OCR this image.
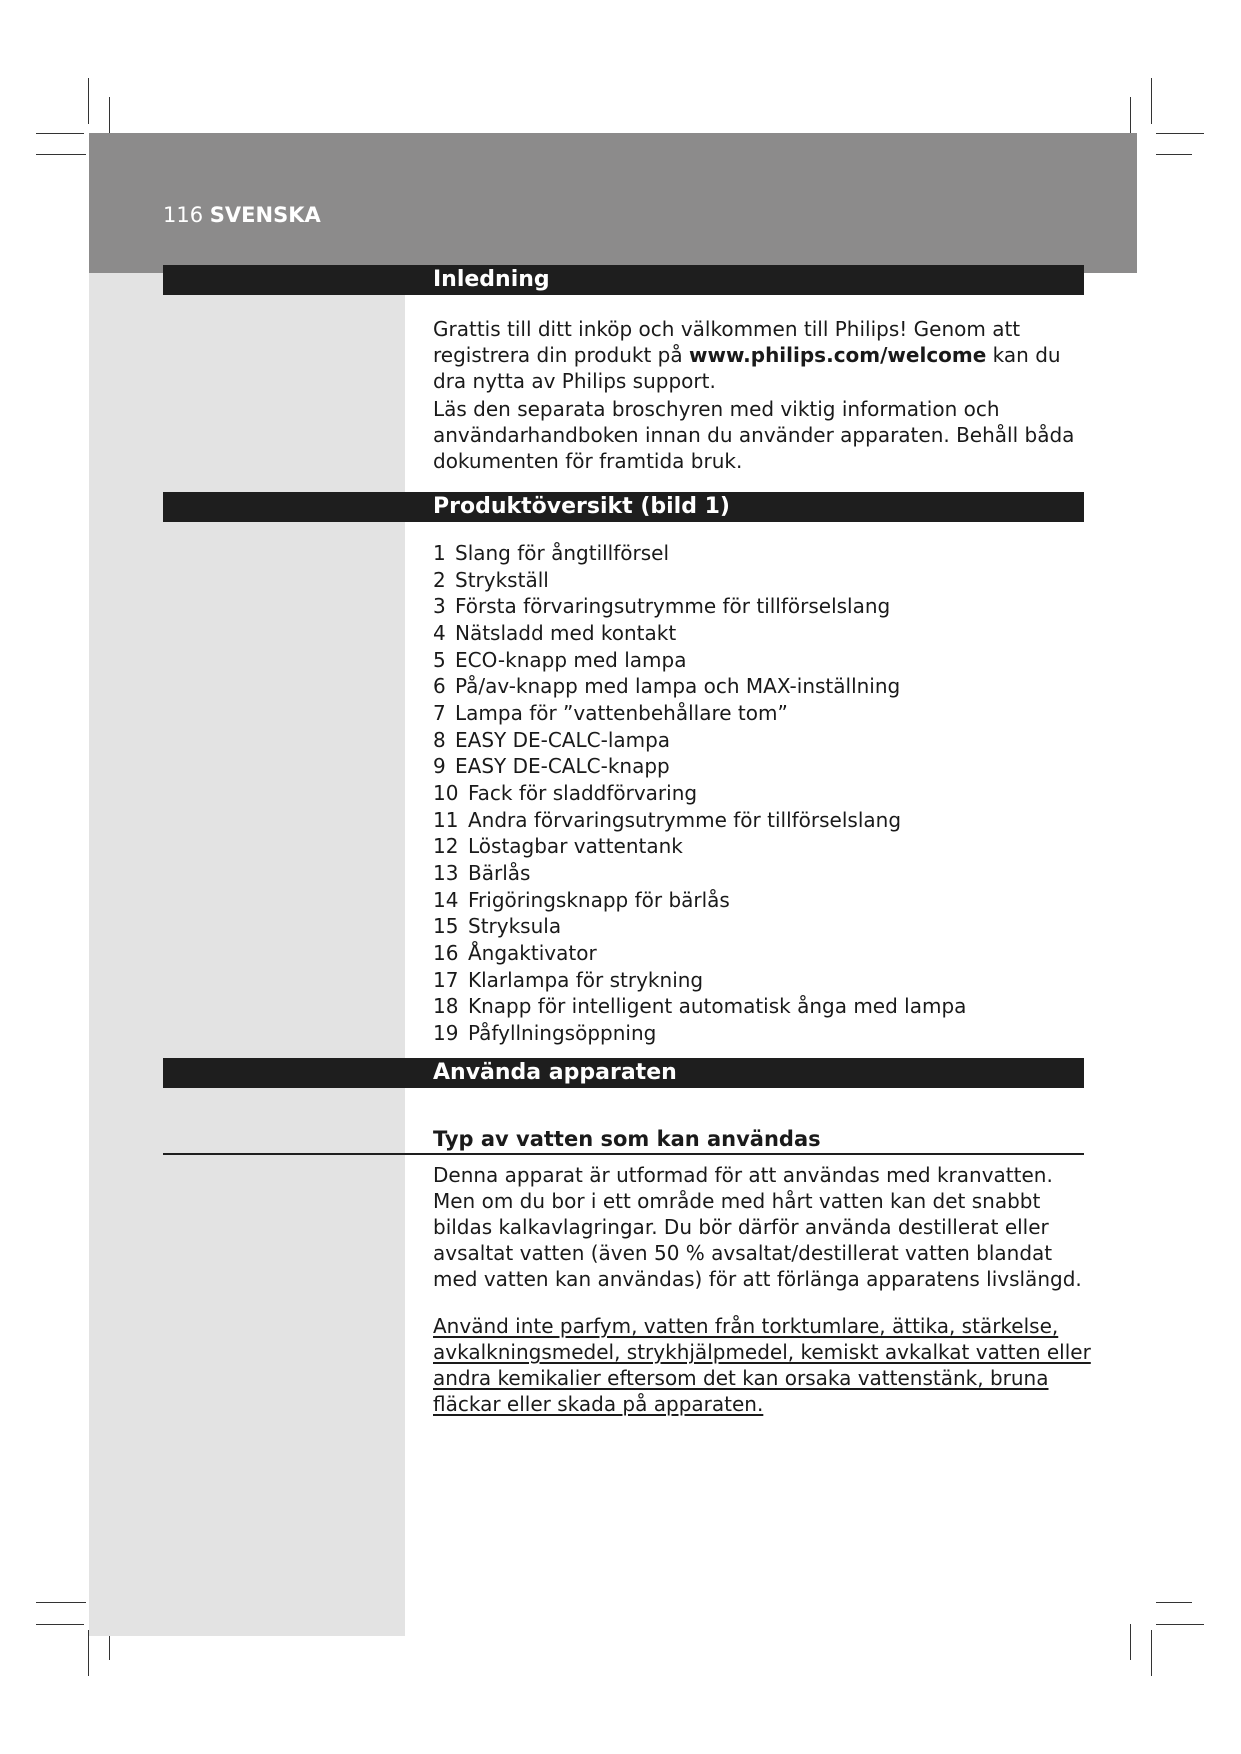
116 SVENSKA
Inledning

Grattis till ditt inköp och välkommen till Philips! Genom att registrera din produkt på www.philips.com/welcome kan du dra nytta av Philips support.

Läs den separata broschyren med viktig information och användarhandboken innan du använder apparaten. Behåll båda dokumenten för framtida bruk.

Produktöversikt (bild 1)
1 Slang för ångtillförsel
2 Strykställ
3 Första förvaringsutrymme för tillförselslang
4 Nätsladd med kontakt
5 ECO-knapp med lampa
6 På/av-knapp med lampa och MAX-inställning
7 Lampa för ”vattenbehållare tom”
8 EASY DE-CALC-lampa
9 EASY DE-CALC-knapp
10 Fack för sladdförvaring
11 Andra förvaringsutrymme för tillförselslang
12 Löstagbar vattentank
13 Bärlås
14 Frigöringsknapp för bärlås
15 Stryksula
16 Ångaktivator
17 Klarlampa för strykning
18 Knapp för intelligent automatisk ånga med lampa
19 Påfyllningsöppning
Använda apparaten
Typ av vatten som kan användas

Denna apparat är utformad för att användas med kranvatten. Men om du bor i ett område med hårt vatten kan det snabbt bildas kalkavlagringar. Du bör därför använda destillerat eller avsaltat vatten (även 50 % avsaltat/destillerat vatten blandat med vatten kan användas) för att förlänga apparatens livslängd.

Använd inte parfym, vatten från torktumlare, ättika, stärkelse, avkalkningsmedel, strykhjälpmedel, kemiskt avkalkat vatten eller andra kemikalier eftersom det kan orsaka vattenstänk, bruna fläckar eller skada på apparaten.
